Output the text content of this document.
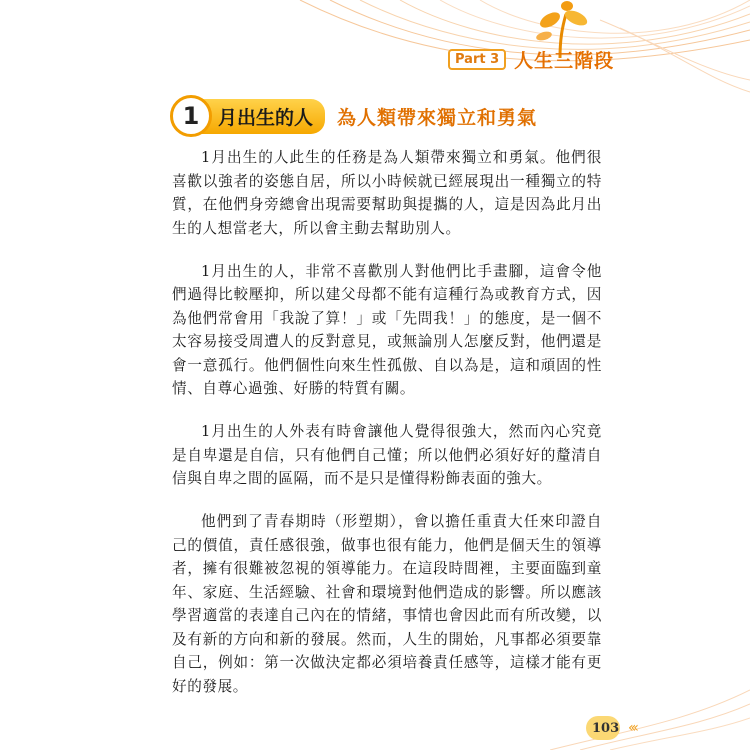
Part 3 人生三階段
1 月出生的人	為人類帶來獨立和勇氣

1月出生的人此生的任務是為人類帶來獨立和勇氣。他們很喜歡以強者的姿態自居，所以小時候就已經展現出一種獨立的特質，在他們身旁總會出現需要幫助與提攜的人，這是因為此月出生的人想當老大，所以會主動去幫助別人。

1月出生的人，非常不喜歡別人對他們比手畫腳，這會令他們過得比較壓抑，所以建父母都不能有這種行為或教育方式，因為他們常會用「我說了算！」或「先問我！」的態度，是一個不太容易接受周遭人的反對意見，或無論別人怎麼反對，他們還是會一意孤行。他們個性向來生性孤傲、自以為是，這和頑固的性情、自尊心過強、好勝的特質有關。

1月出生的人外表有時會讓他人覺得很強大，然而內心究竟是自卑還是自信，只有他們自己懂；所以他們必須好好的釐清自信與自卑之間的區隔，而不是只是懂得粉飾表面的強大。

他們到了青春期時（形塑期），會以擔任重責大任來印證自己的價值，責任感很強，做事也很有能力，他們是個天生的領導者，擁有很難被忽視的領導能力。在這段時間裡，主要面臨到童年、家庭、生活經驗、社會和環境對他們造成的影響。所以應該學習適當的表達自己內在的情緒，事情也會因此而有所改變，以及有新的方向和新的發展。然而，人生的開始，凡事都必須要靠自己，例如：第一次做決定都必須培養責任感等，這樣才能有更好的發展。

103 ‹‹‹
